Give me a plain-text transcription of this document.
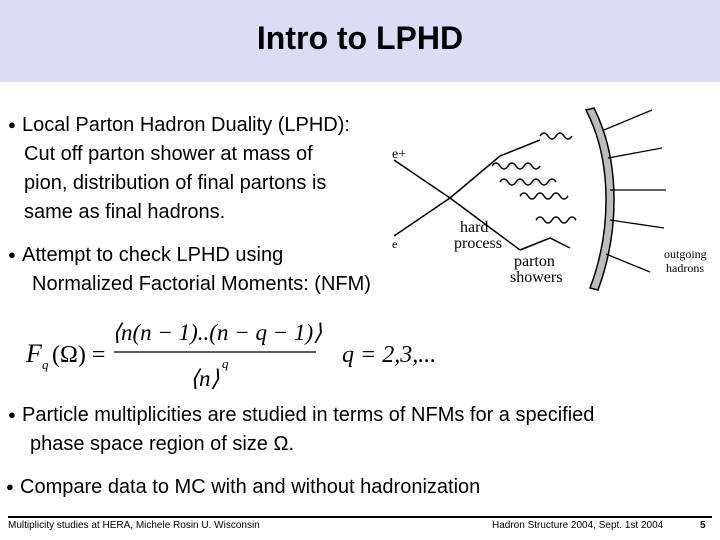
Intro to LPHD
● Local Parton Hadron Duality (LPHD):
Cut off parton shower at mass of
pion, distribution of final partons is
same as final hadrons.
● Attempt to check LPHD using
Normalized Factorial Moments: (NFM)
F q (Ω) =
⟨n(n − 1)..(n − q − 1)⟩
⟨n⟩
q	q = 2,3,...
e+
e
hard
process
parton
showers
outgoing
hadrons
● Particle multiplicities are studied in terms of NFMs for a specified
phase space region of size Ω.
● Compare data to MC with and without hadronization
Multiplicity studies at HERA, Michele Rosin U. Wisconsin	Hadron Structure 2004, Sept. 1st 2004	5
